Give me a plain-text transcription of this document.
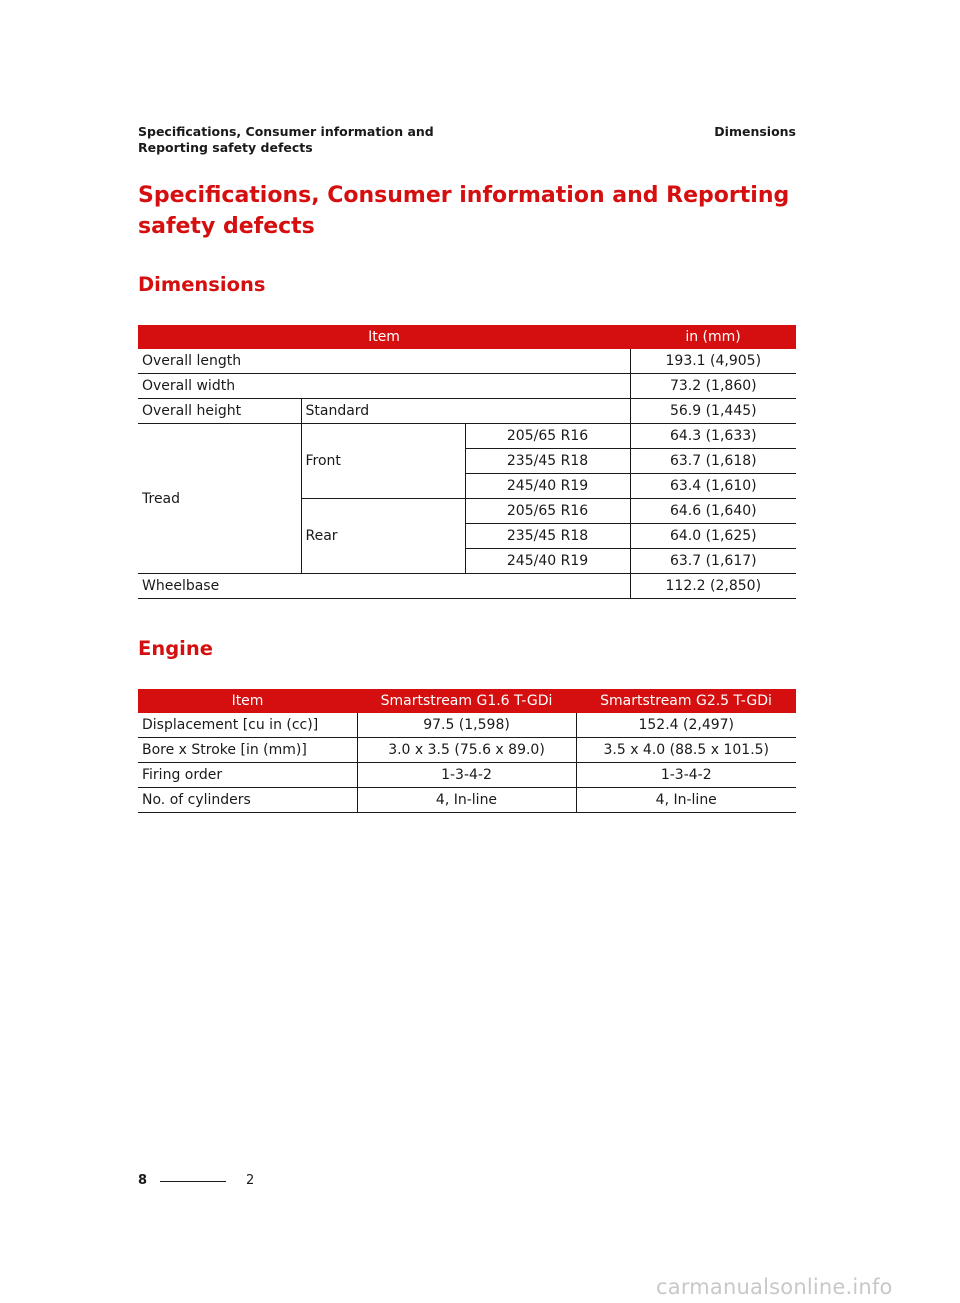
Specifications, Consumer information and Reporting safety defects
Dimensions
Specifications, Consumer information and Reporting safety defects
Dimensions
Item			in (mm)
Overall length			193.1 (4,905)
Overall width			73.2 (1,860)
Overall height	Standard		56.9 (1,445)
Tread	Front	205/65 R16	64.3 (1,633)
		235/45 R18	63.7 (1,618)
		245/40 R19	63.4 (1,610)
	Rear	205/65 R16	64.6 (1,640)
		235/45 R18	64.0 (1,625)
		245/40 R19	63.7 (1,617)
Wheelbase			112.2 (2,850)
Engine
Item	Smartstream G1.6 T-GDi	Smartstream G2.5 T-GDi
Displacement [cu in (cc)]	97.5 (1,598)	152.4 (2,497)
Bore x Stroke [in (mm)]	3.0 x 3.5 (75.6 x 89.0)	3.5 x 4.0 (88.5 x 101.5)
Firing order	1-3-4-2	1-3-4-2
No. of cylinders	4, In-line	4, In-line
8	2
carmanualsonline.info
